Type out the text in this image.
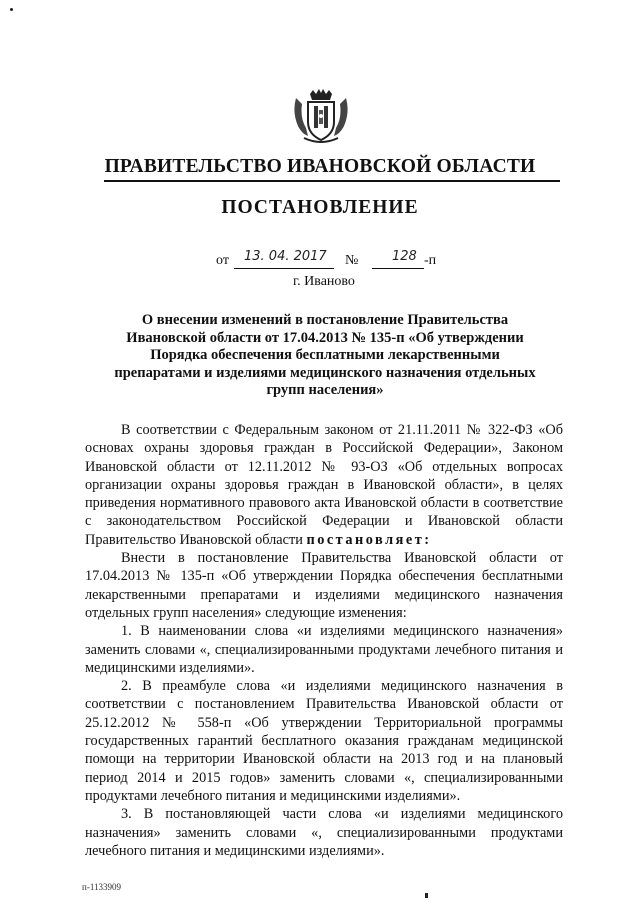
ПРАВИТЕЛЬСТВО ИВАНОВСКОЙ ОБЛАСТИ
ПОСТАНОВЛЕНИЕ
от 13. 04. 2017 №	128 -п
г. Иваново
О внесении изменений в постановление Правительства Ивановской области от 17.04.2013 № 135-п «Об утверждении Порядка обеспечения бесплатными лекарственными препаратами и изделиями медицинского назначения отдельных групп населения»

В соответствии с Федеральным законом от 21.11.2011 № 322-ФЗ «Об основах охраны здоровья граждан в Российской Федерации», Законом Ивановской области от 12.11.2012 № 93-ОЗ «Об отдельных вопросах организации охраны здоровья граждан в Ивановской области», в целях приведения нормативного правового акта Ивановской области в соответствие с законодательством Российской Федерации и Ивановской области Правительство Ивановской области постановляет:

Внести в постановление Правительства Ивановской области от 17.04.2013 № 135-п «Об утверждении Порядка обеспечения бесплатными лекарственными препаратами и изделиями медицинского назначения отдельных групп населения» следующие изменения:

1. В наименовании слова «и изделиями медицинского назначения» заменить словами «, специализированными продуктами лечебного питания и медицинскими изделиями».

2. В преамбуле слова «и изделиями медицинского назначения в соответствии с постановлением Правительства Ивановской области от 25.12.2012 № 558-п «Об утверждении Территориальной программы государственных гарантий бесплатного оказания гражданам медицинской помощи на территории Ивановской области на 2013 год и на плановый период 2014 и 2015 годов» заменить словами «, специализированными продуктами лечебного питания и медицинскими изделиями».

3. В постановляющей части слова «и изделиями медицинского назначения» заменить словами «, специализированными продуктами лечебного питания и медицинскими изделиями».

п-1133909
